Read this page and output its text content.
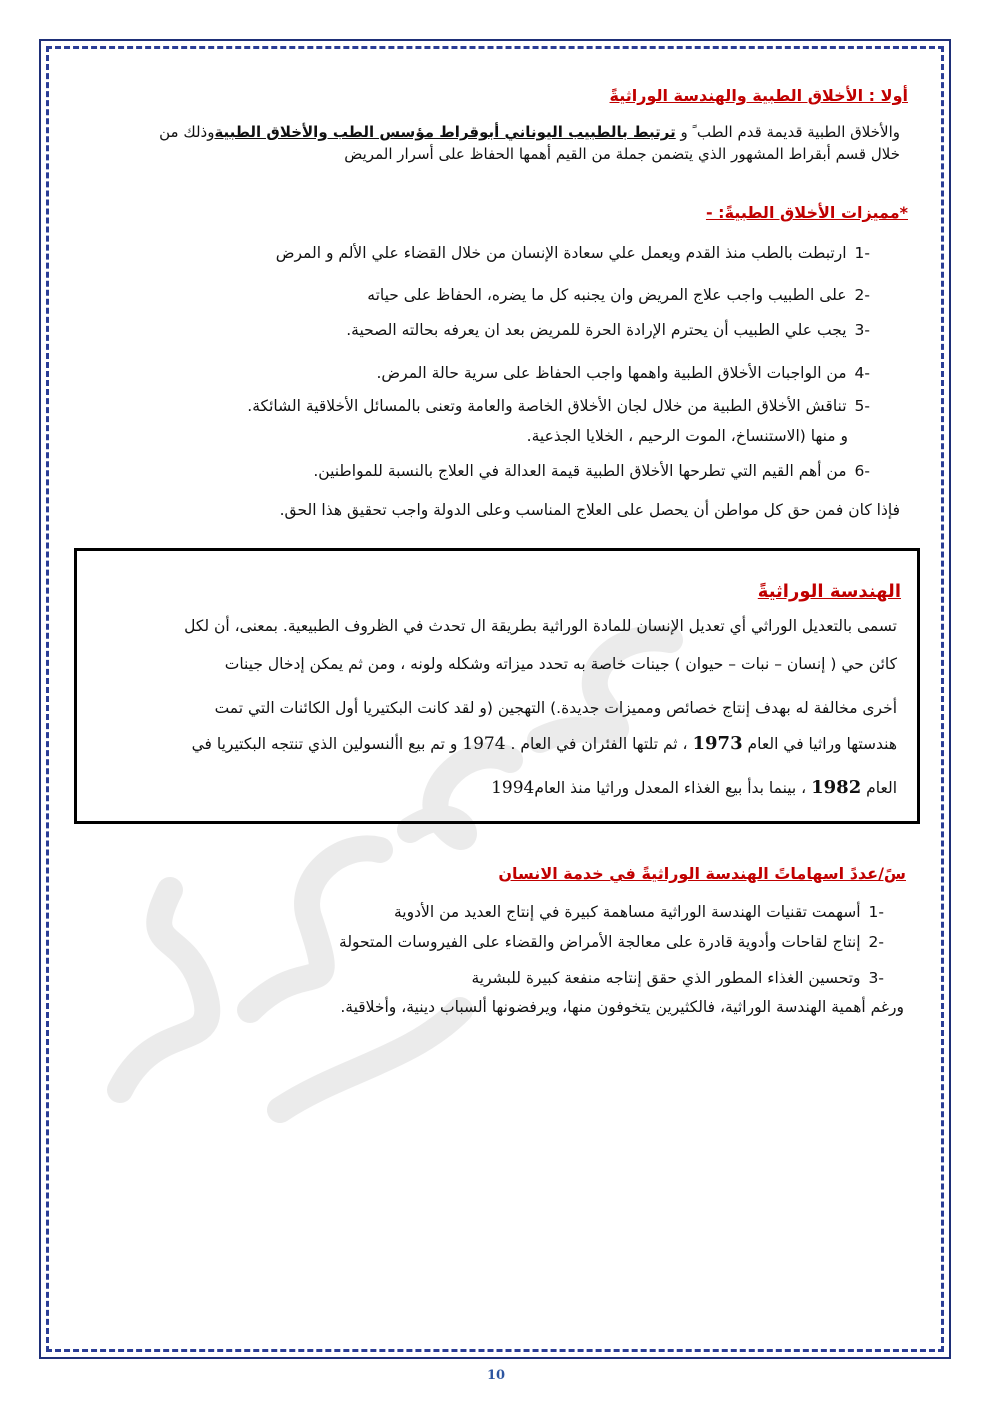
أولا : الأخلاق الطبية والهندسة الوراثيةً
والأخلاق الطبية قديمة قدم الطب ً و ترتبط بالطبيب اليوناني أبوقراط مؤسس الطب والأخلاق الطبيةوذلك من
خلال قسم أبقراط المشهور الذي يتضمن جملة من القيم أهمها الحفاظ على أسرار المريض
*مميزات الأخلاق الطبيةً: -
-1ارتبطت بالطب منذ القدم ويعمل علي سعادة الإنسان من خلال القضاء علي الألم و المرض
-2على الطبيب واجب علاج المريض وان يجنبه كل ما يضره، الحفاظ على حياته
-3يجب علي الطبيب أن يحترم الإرادة الحرة للمريض بعد ان يعرفه بحالته الصحية.
-4من الواجبات الأخلاق الطبية واهمها واجب الحفاظ على سرية حالة المرض.
-5تناقش الأخلاق الطبية من خلال لجان الأخلاق الخاصة والعامة وتعنى بالمسائل الأخلاقية الشائكة.
و منها (الاستنساخ، الموت الرحيم ، الخلايا الجذعية.
-6من أهم القيم التي تطرحها الأخلاق الطبية قيمة العدالة في العلاج بالنسبة للمواطنين.
فإذا كان فمن حق كل مواطن أن يحصل على العلاج المناسب وعلى الدولة واجب تحقيق هذا الحق.
الهندسة الوراثيةً
تسمى بالتعديل الوراثي أي تعديل الإنسان للمادة الوراثية بطريقة ال تحدث في الظروف الطبيعية. بمعنى، أن لكل
كائن حي ( إنسان – نبات – حيوان ) جينات خاصة به تحدد ميزاته وشكله ولونه ، ومن ثم يمكن إدخال جينات
أخرى مخالفة له بهدف إنتاج خصائص ومميزات جديدة.) التهجين (و لقد كانت البكتيريا أول الكائنات التي تمت
هندستها وراثيا في العام 1973 ، ثم تلتها الفئران في العام . 1974 و تم بيع األنسولين الذي تنتجه البكتيريا في
العام 1982 ، بينما بدأ بيع الغذاء المعدل وراثيا منذ العام1994
سً/عددً اسهاماتً الهندسة الوراثيةً في خدمة الانسان
-1أسهمت تقنيات الهندسة الوراثية مساهمة كبيرة في إنتاج العديد من الأدوية
-2إنتاج لقاحات وأدوية قادرة على معالجة الأمراض والقضاء على الفيروسات المتحولة
-3وتحسين الغذاء المطور الذي حقق إنتاجه منفعة كبيرة للبشرية
ورغم أهمية الهندسة الوراثية، فالكثيرين يتخوفون منها، ويرفضونها ألسباب دينية، وأخلاقية.
10
